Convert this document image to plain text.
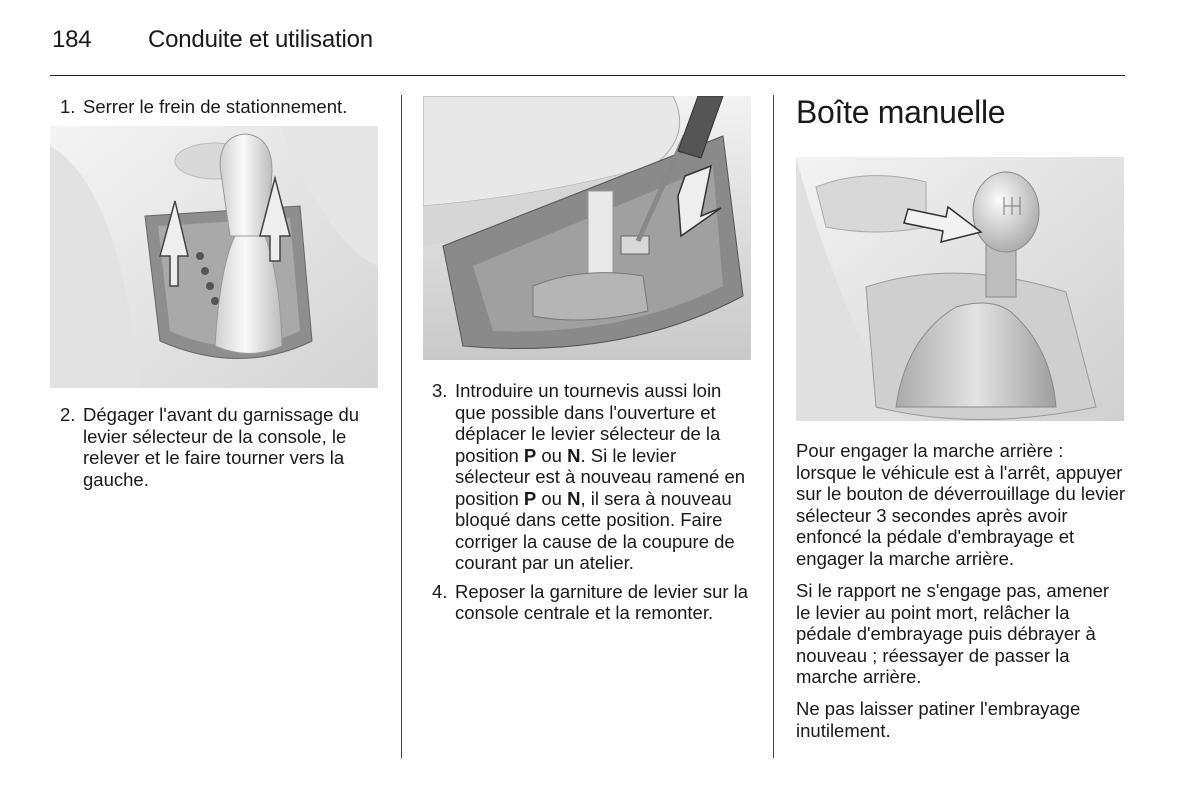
184 Conduite et utilisation
1. Serrer le frein de stationnement.
2. Dégager l'avant du garnissage du levier sélecteur de la console, le relever et le faire tourner vers la gauche.
3. Introduire un tournevis aussi loin que possible dans l'ouverture et déplacer le levier sélecteur de la position P ou N. Si le levier sélecteur est à nouveau ramené en position P ou N, il sera à nouveau bloqué dans cette position. Faire corriger la cause de la coupure de courant par un atelier.
4. Reposer la garniture de levier sur la console centrale et la remonter.
Boîte manuelle

Pour engager la marche arrière : lorsque le véhicule est à l'arrêt, appuyer sur le bouton de déverrouillage du levier sélecteur 3 secondes après avoir enfoncé la pédale d'embrayage et engager la marche arrière.

Si le rapport ne s'engage pas, amener le levier au point mort, relâcher la pédale d'embrayage puis débrayer à nouveau ; réessayer de passer la marche arrière.

Ne pas laisser patiner l'embrayage inutilement.
